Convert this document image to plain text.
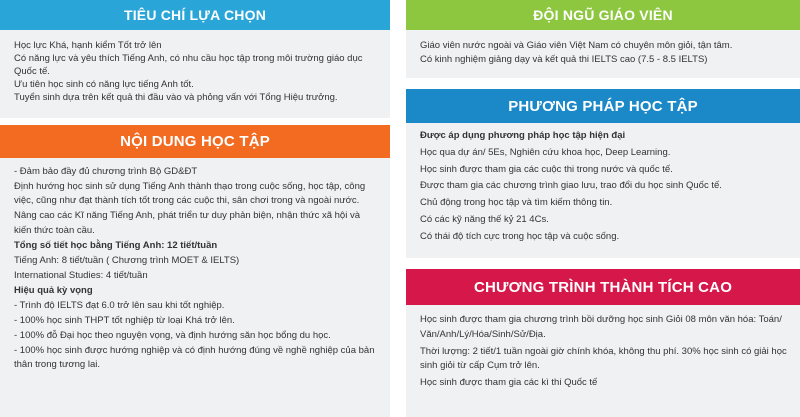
TIÊU CHÍ LỰA CHỌN

Học lực Khá, hạnh kiểm Tốt trở lên

Có năng lực và yêu thích Tiếng Anh, có nhu cầu học tập trong môi trường giáo dục Quốc tế.

Ưu tiên học sinh có năng lực tiếng Anh tốt.

Tuyển sinh dựa trên kết quả thi đầu vào và phỏng vấn với Tổng Hiệu trưởng.

NỘI DUNG HỌC TẬP

- Đảm bảo đầy đủ chương trình Bộ GD&ĐT

Định hướng học sinh sử dụng Tiếng Anh thành thạo trong cuộc sống, học tập, công việc, cũng như đạt thành tích tốt trong các cuộc thi, sân chơi trong và ngoài nước.

Nâng cao các Kĩ năng Tiếng Anh, phát triển tư duy phản biện, nhận thức xã hội và kiến thức toàn cầu.

Tổng số tiết học bằng Tiếng Anh: 12 tiết/tuần

Tiếng Anh: 8 tiết/tuần ( Chương trình MOET & IELTS)

International Studies: 4 tiết/tuần

Hiệu quả kỳ vọng

- Trình độ IELTS đạt 6.0 trở lên sau khi tốt nghiệp.

- 100% học sinh THPT tốt nghiệp từ loại Khá trở lên.

- 100% đỗ Đại học theo nguyện vọng, và định hướng săn học bổng du học.

- 100% học sinh được hướng nghiệp và có định hướng đúng về nghề nghiệp của bản thân trong tương lai.

ĐỘI NGŨ GIÁO VIÊN

Giáo viên nước ngoài và Giáo viên Việt Nam có chuyên môn giỏi, tận tâm.

Có kinh nghiệm giảng dạy và kết quả thi IELTS cao (7.5 - 8.5 IELTS)

PHƯƠNG PHÁP HỌC TẬP

Được áp dụng phương pháp học tập hiện đại

Học qua dự án/ 5Es, Nghiên cứu khoa học, Deep Learning.

Học sinh được tham gia các cuộc thi trong nước và quốc tế.

Được tham gia các chương trình giao lưu, trao đổi du học sinh Quốc tế.

Chủ động trong học tập và tìm kiếm thông tin.

Có các kỹ năng thế kỷ 21 4Cs.

Có thái độ tích cực trong học tập và cuộc sống.

CHƯƠNG TRÌNH THÀNH TÍCH CAO

Học sinh được tham gia chương trình bồi dưỡng học sinh Giỏi 08 môn văn hóa: Toán/ Văn/Anh/Lý/Hóa/Sinh/Sử/Địa.

Thời lượng: 2 tiết/1 tuần ngoài giờ chính khóa, không thu phí. 30% học sinh có giải học sinh giỏi từ cấp Cụm trở lên.

Học sinh được tham gia các kì thi Quốc tế
